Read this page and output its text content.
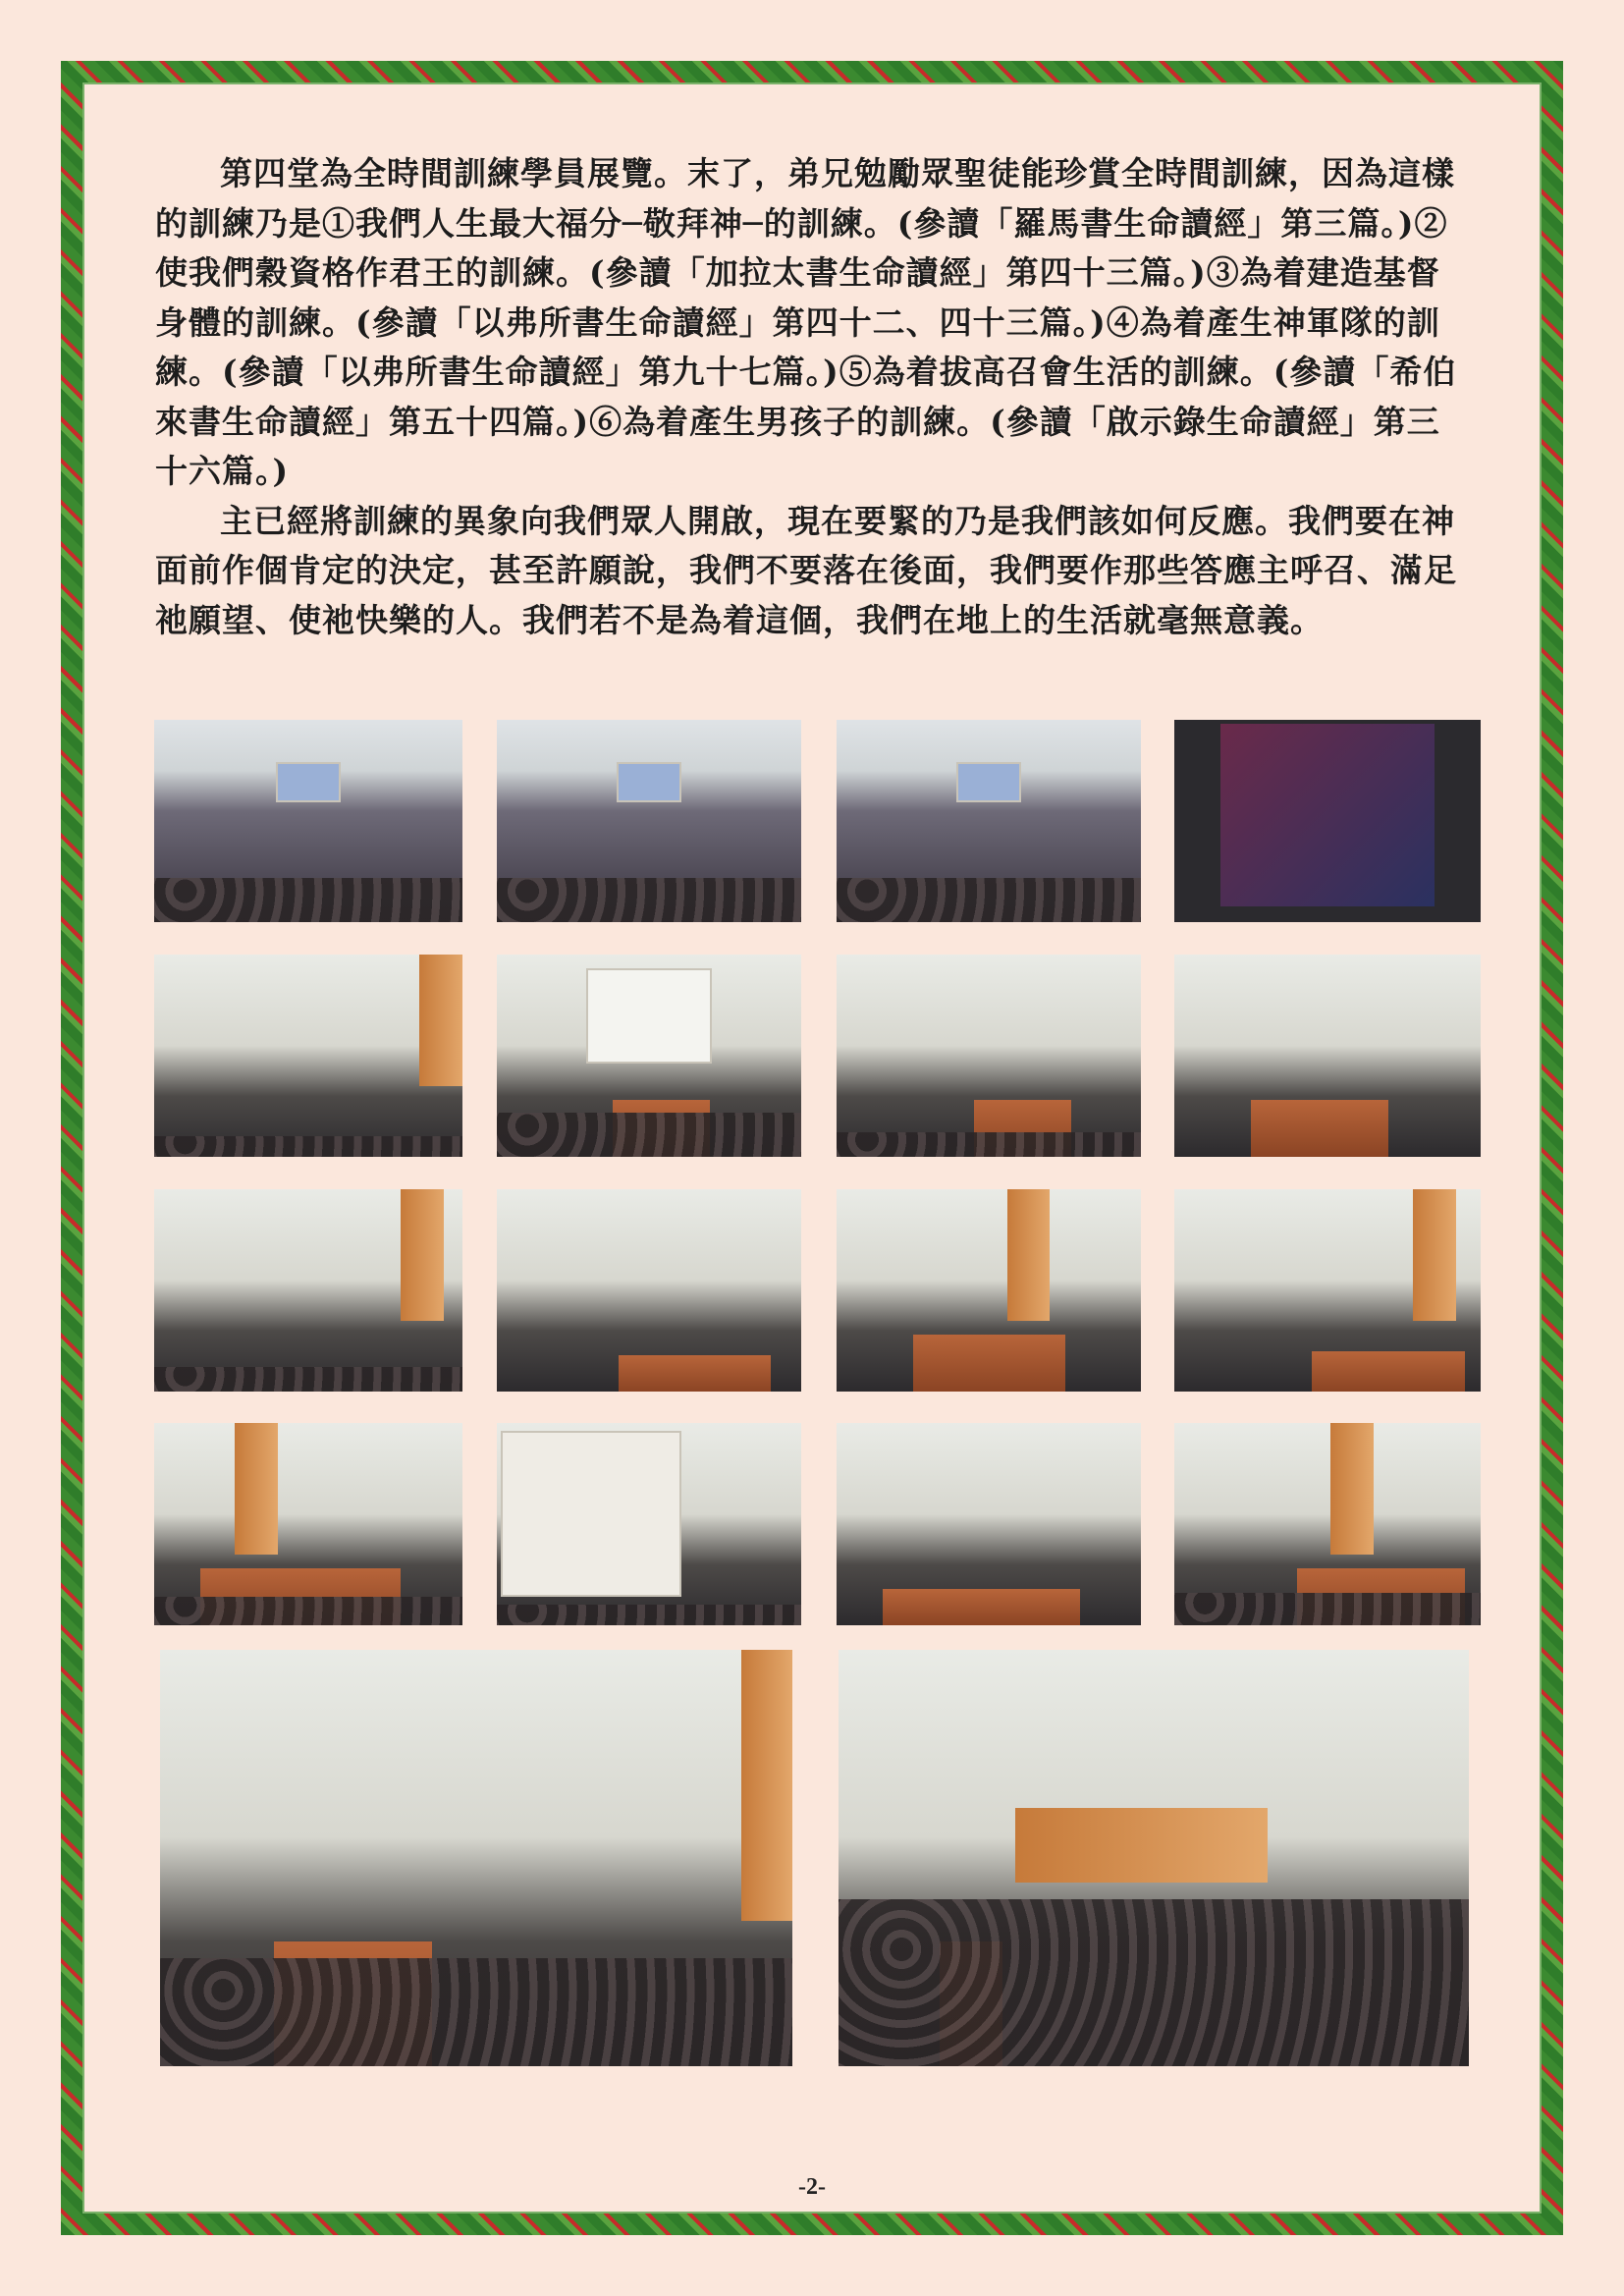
第四堂為全時間訓練學員展覽。末了，弟兄勉勵眾聖徒能珍賞全時間訓練，因為這樣的訓練乃是①我們人生最大福分─敬拜神─的訓練。(參讀「羅馬書生命讀經」第三篇。)②使我們穀資格作君王的訓練。(參讀「加拉太書生命讀經」第四十三篇。)③為着建造基督身體的訓練。(參讀「以弗所書生命讀經」第四十二、四十三篇。)④為着產生神軍隊的訓練。(參讀「以弗所書生命讀經」第九十七篇。)⑤為着拔高召會生活的訓練。(參讀「希伯來書生命讀經」第五十四篇。)⑥為着產生男孩子的訓練。(參讀「啟示錄生命讀經」第三十六篇。)

主已經將訓練的異象向我們眾人開啟，現在要緊的乃是我們該如何反應。我們要在神面前作個肯定的決定，甚至許願說，我們不要落在後面，我們要作那些答應主呼召、滿足祂願望、使祂快樂的人。我們若不是為着這個，我們在地上的生活就毫無意義。

-2-
